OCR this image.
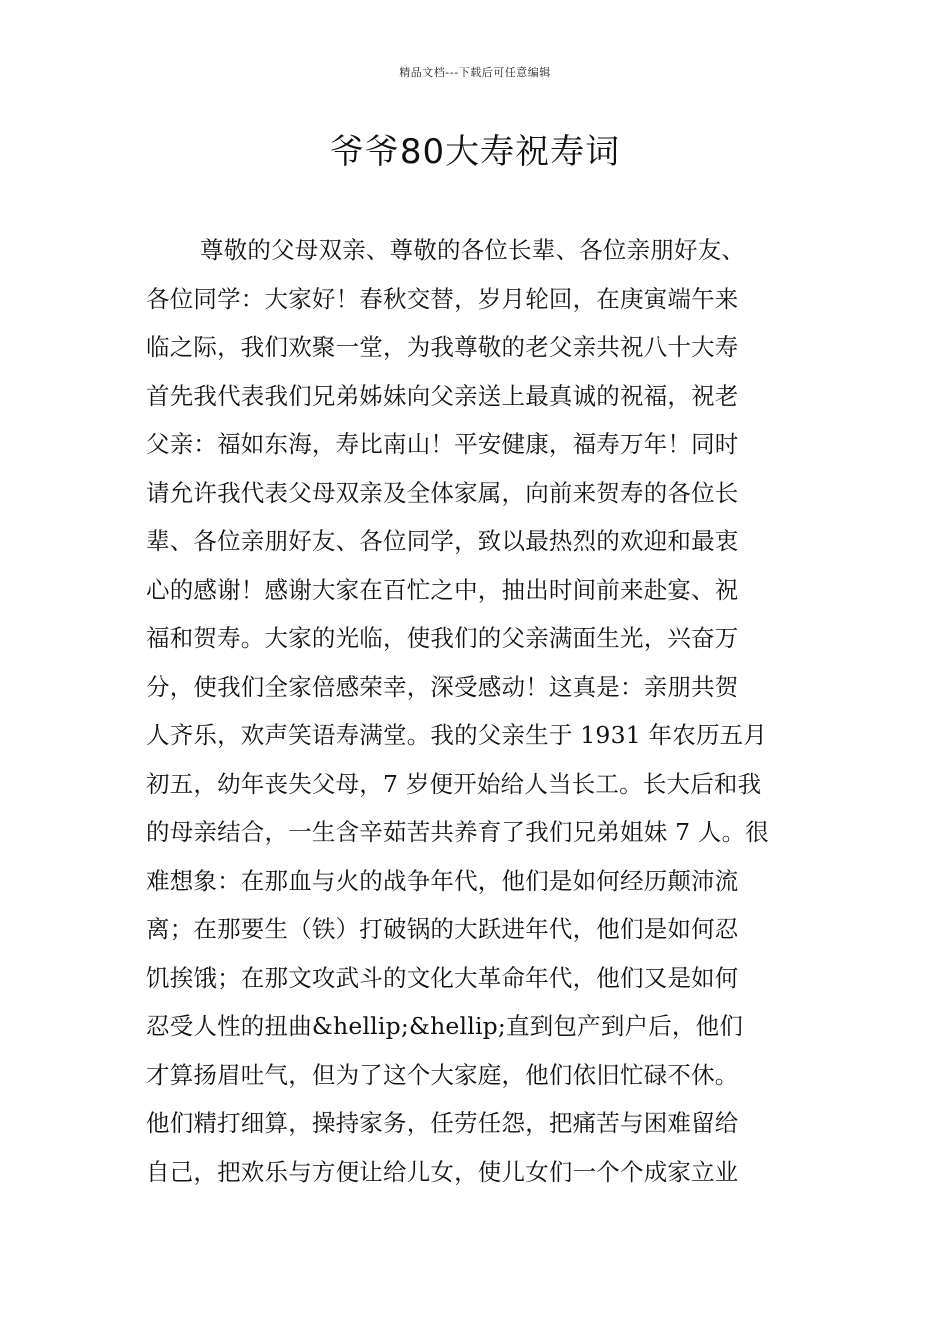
精品文档---下载后可任意编辑
爷爷80大寿祝寿词
尊敬的父母双亲、尊敬的各位长辈、各位亲朋好友、
各位同学：大家好！春秋交替，岁月轮回，在庚寅端午来
临之际，我们欢聚一堂，为我尊敬的老父亲共祝八十大寿
首先我代表我们兄弟姊妹向父亲送上最真诚的祝福，祝老
父亲：福如东海，寿比南山！平安健康，福寿万年！同时
请允许我代表父母双亲及全体家属，向前来贺寿的各位长
辈、各位亲朋好友、各位同学，致以最热烈的欢迎和最衷
心的感谢！感谢大家在百忙之中，抽出时间前来赴宴、祝
福和贺寿。大家的光临，使我们的父亲满面生光，兴奋万
分，使我们全家倍感荣幸，深受感动！这真是：亲朋共贺
人齐乐，欢声笑语寿满堂。我的父亲生于 1931 年农历五月
初五，幼年丧失父母，7 岁便开始给人当长工。长大后和我
的母亲结合，一生含辛茹苦共养育了我们兄弟姐妹 7 人。很
难想象：在那血与火的战争年代，他们是如何经历颠沛流
离；在那要生（铁）打破锅的大跃进年代，他们是如何忍
饥挨饿；在那文攻武斗的文化大革命年代，他们又是如何
忍受人性的扭曲&hellip;&hellip;直到包产到户后，他们
才算扬眉吐气，但为了这个大家庭，他们依旧忙碌不休。
他们精打细算，操持家务，任劳任怨，把痛苦与困难留给
自己，把欢乐与方便让给儿女，使儿女们一个个成家立业
